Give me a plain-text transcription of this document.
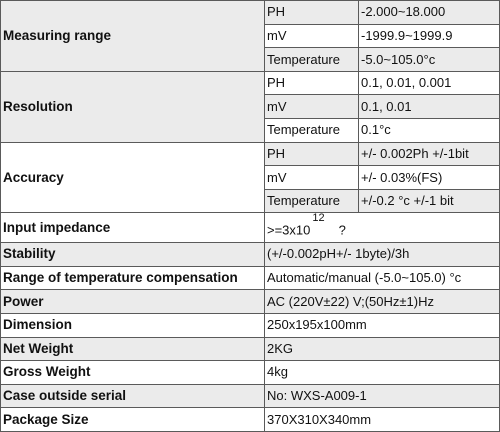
Measuring range	PH	-2.000~18.000
	mV	-1999.9~1999.9
	Temperature	-5.0~105.0°c
Resolution	PH	0.1, 0.01, 0.001
	mV	0.1, 0.01
	Temperature	0.1°c
Accuracy	PH	+/- 0.002Ph +/-1bit
	mV	+/- 0.03%(FS)
	Temperature	+/-0.2 °c +/-1 bit
Input impedance	$>=3x10^{12}$?	
Stability	(+/-0.002pH+/- 1byte)/3h	
Range of temperature compensation	Automatic/manual (-5.0~105.0) °c	
Power	AC (220V±22) V;(50Hz±1)Hz	
Dimension	250x195x100mm	
Net Weight	2KG	
Gross Weight	4kg	
Case outside serial	No: WXS-A009-1	
Package Size	370X310X340mm	
